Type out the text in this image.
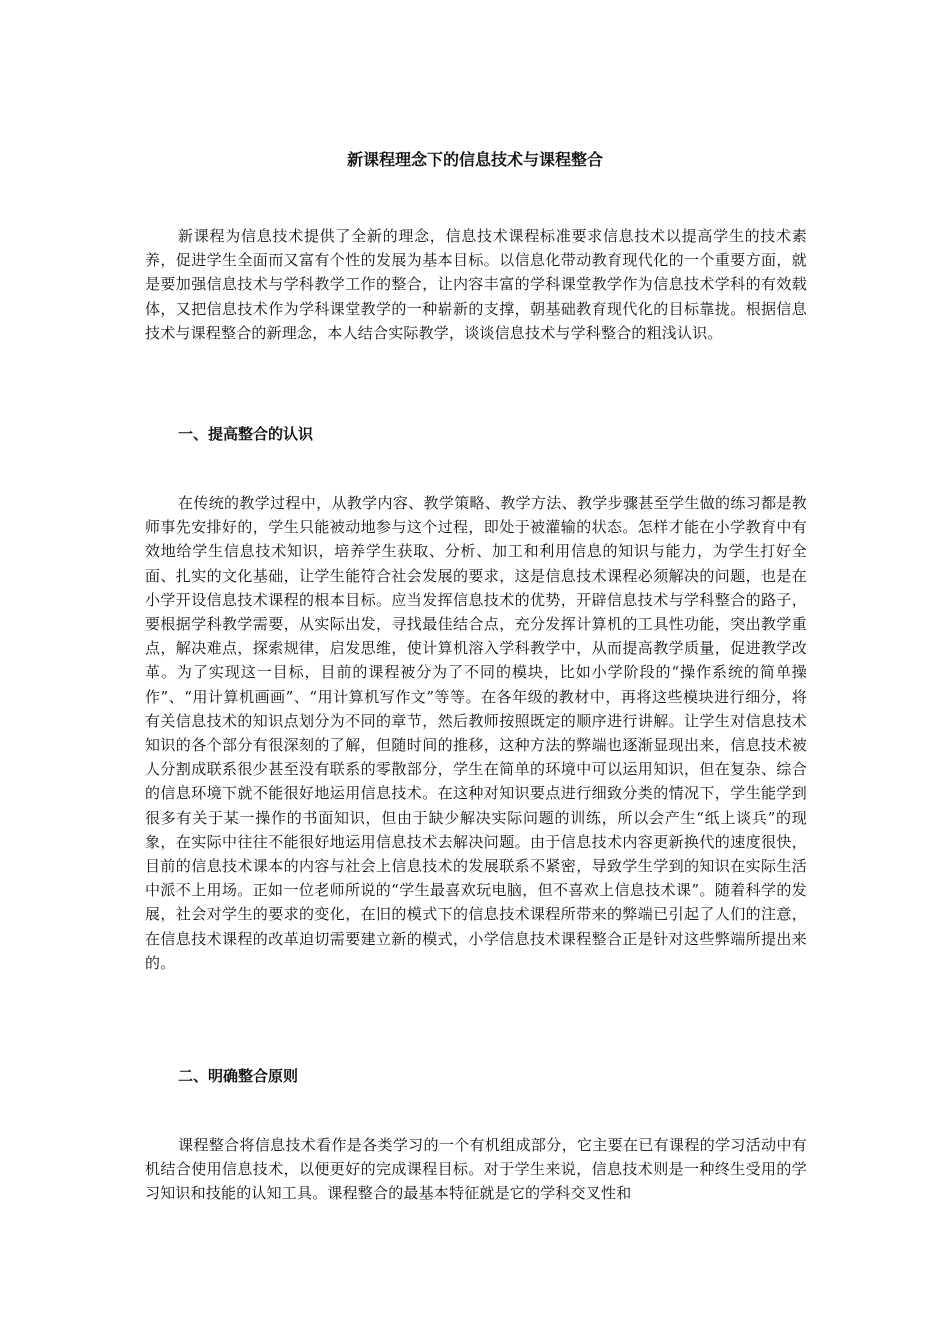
新课程理念下的信息技术与课程整合

新课程为信息技术提供了全新的理念，信息技术课程标准要求信息技术以提高学生的技术素养，促进学生全面而又富有个性的发展为基本目标。以信息化带动教育现代化的一个重要方面，就是要加强信息技术与学科教学工作的整合，让内容丰富的学科课堂教学作为信息技术学科的有效载体，又把信息技术作为学科课堂教学的一种崭新的支撑，朝基础教育现代化的目标靠拢。根据信息技术与课程整合的新理念，本人结合实际教学，谈谈信息技术与学科整合的粗浅认识。

一、提高整合的认识

在传统的教学过程中，从教学内容、教学策略、教学方法、教学步骤甚至学生做的练习都是教师事先安排好的，学生只能被动地参与这个过程，即处于被灌输的状态。怎样才能在小学教育中有效地给学生信息技术知识，培养学生获取、分析、加工和利用信息的知识与能力，为学生打好全面、扎实的文化基础，让学生能符合社会发展的要求，这是信息技术课程必须解决的问题，也是在小学开设信息技术课程的根本目标。应当发挥信息技术的优势，开辟信息技术与学科整合的路子，要根据学科教学需要，从实际出发，寻找最佳结合点，充分发挥计算机的工具性功能，突出教学重点，解决难点，探索规律，启发思维，使计算机溶入学科教学中，从而提高教学质量，促进教学改革。为了实现这一目标，目前的课程被分为了不同的模块，比如小学阶段的“操作系统的简单操作”、“用计算机画画”、“用计算机写作文”等等。在各年级的教材中，再将这些模块进行细分，将有关信息技术的知识点划分为不同的章节，然后教师按照既定的顺序进行讲解。让学生对信息技术知识的各个部分有很深刻的了解，但随时间的推移，这种方法的弊端也逐渐显现出来，信息技术被人分割成联系很少甚至没有联系的零散部分，学生在简单的环境中可以运用知识，但在复杂、综合的信息环境下就不能很好地运用信息技术。在这种对知识要点进行细致分类的情况下，学生能学到很多有关于某一操作的书面知识，但由于缺少解决实际问题的训练，所以会产生“纸上谈兵”的现象，在实际中往往不能很好地运用信息技术去解决问题。由于信息技术内容更新换代的速度很快，目前的信息技术课本的内容与社会上信息技术的发展联系不紧密，导致学生学到的知识在实际生活中派不上用场。正如一位老师所说的“学生最喜欢玩电脑，但不喜欢上信息技术课”。随着科学的发展，社会对学生的要求的变化，在旧的模式下的信息技术课程所带来的弊端已引起了人们的注意，在信息技术课程的改革迫切需要建立新的模式，小学信息技术课程整合正是针对这些弊端所提出来的。

二、明确整合原则

课程整合将信息技术看作是各类学习的一个有机组成部分，它主要在已有课程的学习活动中有机结合使用信息技术，以便更好的完成课程目标。对于学生来说，信息技术则是一种终生受用的学习知识和技能的认知工具。课程整合的最基本特征就是它的学科交叉性和
